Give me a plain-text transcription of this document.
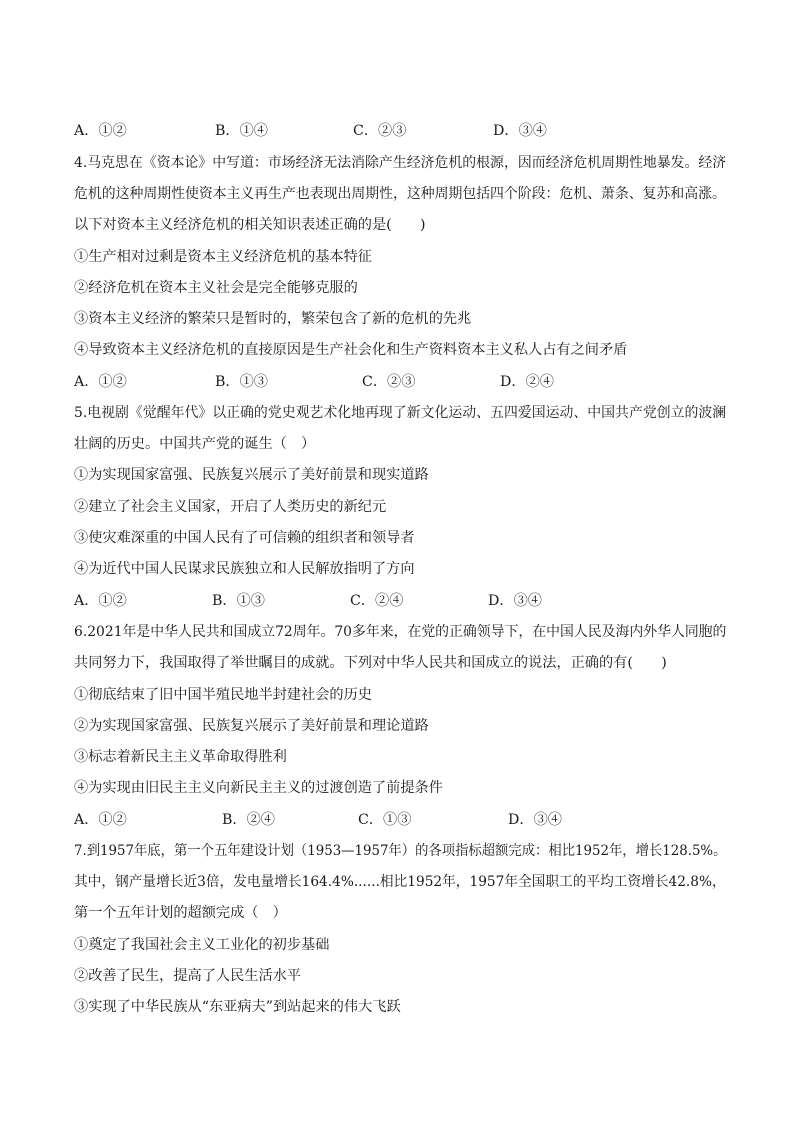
A．①②	B．①④	C．②③	D．③④
4.马克思在《资本论》中写道：市场经济无法消除产生经济危机的根源，因而经济危机周期性地暴发。经济
危机的这种周期性使资本主义再生产也表现出周期性，这种周期包括四个阶段：危机、萧条、复苏和高涨。
以下对资本主义经济危机的相关知识表述正确的是(　　)
①生产相对过剩是资本主义经济危机的基本特征
②经济危机在资本主义社会是完全能够克服的
③资本主义经济的繁荣只是暂时的，繁荣包含了新的危机的先兆
④导致资本主义经济危机的直接原因是生产社会化和生产资料资本主义私人占有之间矛盾
A．①②	B．①③	C．②③	D．②④
5.电视剧《觉醒年代》以正确的党史观艺术化地再现了新文化运动、五四爱国运动、中国共产党创立的波澜
壮阔的历史。中国共产党的诞生（　）
①为实现国家富强、民族复兴展示了美好前景和现实道路
②建立了社会主义国家，开启了人类历史的新纪元
③使灾难深重的中国人民有了可信赖的组织者和领导者
④为近代中国人民谋求民族独立和人民解放指明了方向
A．①②	B．①③	C．②④	D．③④
6.2021年是中华人民共和国成立72周年。70多年来，在党的正确领导下，在中国人民及海内外华人同胞的
共同努力下，我国取得了举世瞩目的成就。下列对中华人民共和国成立的说法，正确的有(　　)
①彻底结束了旧中国半殖民地半封建社会的历史
②为实现国家富强、民族复兴展示了美好前景和理论道路
③标志着新民主主义革命取得胜利
④为实现由旧民主主义向新民主主义的过渡创造了前提条件
A．①②	B．②④	C．①③	D．③④
7.到1957年底，第一个五年建设计划（1953—1957年）的各项指标超额完成：相比1952年，增长128.5%。
其中，钢产量增长近3倍，发电量增长164.4%......相比1952年，1957年全国职工的平均工资增长42.8%，
第一个五年计划的超额完成（　）
①奠定了我国社会主义工业化的初步基础
②改善了民生，提高了人民生活水平
③实现了中华民族从“东亚病夫”到站起来的伟大飞跃
